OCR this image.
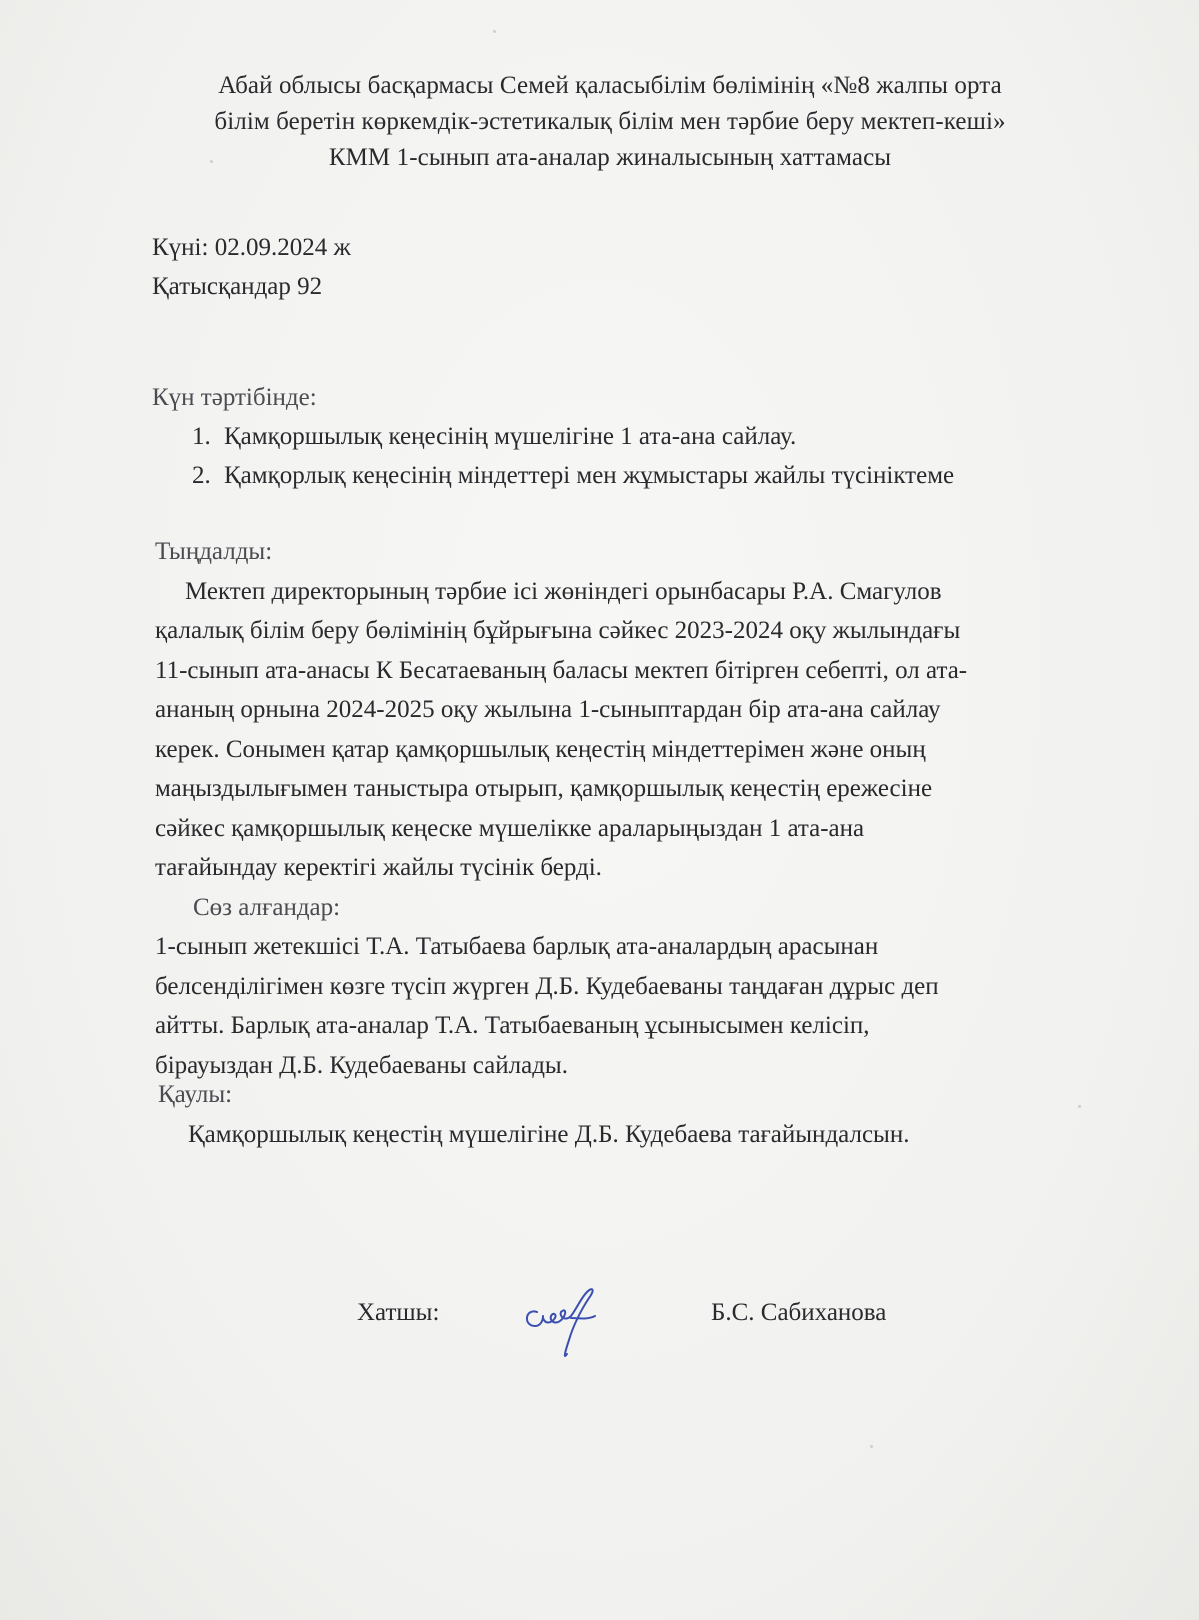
Абай облысы басқармасы Семей қаласыбілім бөлімінің «№8 жалпы орта
білім беретін көркемдік-эстетикалық білім мен тәрбие беру мектеп-кеші»
КММ 1-сынып ата-аналар жиналысының хаттамасы
Күні: 02.09.2024 ж
Қатысқандар 92
Күн тәртібінде:
1. Қамқоршылық кеңесінің мүшелігіне 1 ата-ана сайлау.
2. Қамқорлық кеңесінің міндеттері мен жұмыстары жайлы түсініктеме
Тыңдалды:
Мектеп директорының тәрбие ісі жөніндегі орынбасары Р.А. Смагулов
қалалық білім беру бөлімінің бұйрығына сәйкес 2023-2024 оқу жылындағы
11-сынып ата-анасы К Бесатаеваның баласы мектеп бітірген себепті, ол ата-
ананың орнына 2024-2025 оқу жылына 1-сыныптардан бір ата-ана сайлау
керек. Сонымен қатар қамқоршылық кеңестің міндеттерімен және оның
маңыздылығымен таныстыра отырып, қамқоршылық кеңестің ережесіне
сәйкес қамқоршылық кеңеске мүшелікке араларыңыздан 1 ата-ана
тағайындау керектігі жайлы түсінік берді.
Сөз алғандар:
1-сынып жетекшісі Т.А. Татыбаева барлық ата-аналардың арасынан
белсенділігімен көзге түсіп жүрген Д.Б. Кудебаеваны таңдаған дұрыс деп
айтты. Барлық ата-аналар Т.А. Татыбаеваның ұсынысымен келісіп,
бірауыздан Д.Б. Кудебаеваны сайлады.
Қаулы:
Қамқоршылық кеңестің мүшелігіне Д.Б. Кудебаева тағайындалсын.
Хатшы:	Б.С. Сабиханова
